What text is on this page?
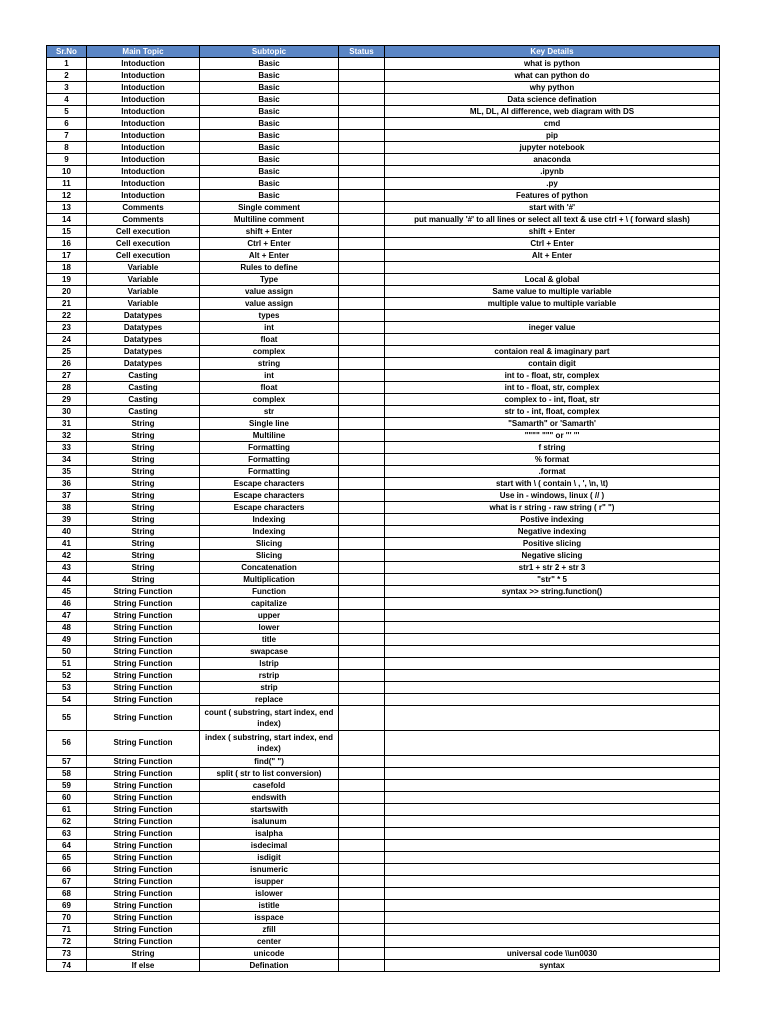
Sr.No	Main Topic	Subtopic	Status	Key Details
1	Intoduction	Basic		what is python
2	Intoduction	Basic		what can python do
3	Intoduction	Basic		why python
4	Intoduction	Basic		Data science defination
5	Intoduction	Basic		ML, DL, AI difference, web diagram with DS
6	Intoduction	Basic		cmd
7	Intoduction	Basic		pip
8	Intoduction	Basic		jupyter notebook
9	Intoduction	Basic		anaconda
10	Intoduction	Basic		.ipynb
11	Intoduction	Basic		.py
12	Intoduction	Basic		Features of python
13	Comments	Single comment		start with '#'
14	Comments	Multiline comment		put manually '#' to all lines or select all text & use ctrl + \ ( forward slash)
15	Cell execution	shift + Enter		shift + Enter
16	Cell execution	Ctrl + Enter		Ctrl + Enter
17	Cell execution	Alt + Enter		Alt + Enter
18	Variable	Rules to define		
19	Variable	Type		Local & global
20	Variable	value assign		Same value to multiple variable
21	Variable	value assign		multiple value to multiple variable
22	Datatypes	types		
23	Datatypes	int		ineger value
24	Datatypes	float		
25	Datatypes	complex		contaion real & imaginary part
26	Datatypes	string		contain digit
27	Casting	int		int to - float, str, complex
28	Casting	float		int to - float, str, complex
29	Casting	complex		complex to - int, float, str
30	Casting	str		str to - int, float, complex
31	String	Single line		"Samarth" or 'Samarth'
32	String	Multiline		"""" """ or ''' '''
33	String	Formatting		f string
34	String	Formatting		% format
35	String	Formatting		.format
36	String	Escape characters		start with \ ( contain \ , ', \n, \t)
37	String	Escape characters		Use in - windows, linux ( // )
38	String	Escape characters		what is r string - raw string ( r" ")
39	String	Indexing		Postive indexing
40	String	Indexing		Negative indexing
41	String	Slicing		Positive slicing
42	String	Slicing		Negative slicing
43	String	Concatenation		str1 + str 2 + str 3
44	String	Multiplication		"str" * 5
45	String Function	Function		syntax >> string.function()
46	String Function	capitalize		
47	String Function	upper		
48	String Function	lower		
49	String Function	title		
50	String Function	swapcase		
51	String Function	lstrip		
52	String Function	rstrip		
53	String Function	strip		
54	String Function	replace		
55	String Function	count ( substring, start index, end index)		
56	String Function	index ( substring, start index, end index)		
57	String Function	find(" ")		
58	String Function	split ( str to list conversion)		
59	String Function	casefold		
60	String Function	endswith		
61	String Function	startswith		
62	String Function	isalunum		
63	String Function	isalpha		
64	String Function	isdecimal		
65	String Function	isdigit		
66	String Function	isnumeric		
67	String Function	isupper		
68	String Function	islower		
69	String Function	istitle		
70	String Function	isspace		
71	String Function	zfill		
72	String Function	center		
73	String	unicode		universal code \\un0030
74	If else	Defination		syntax
